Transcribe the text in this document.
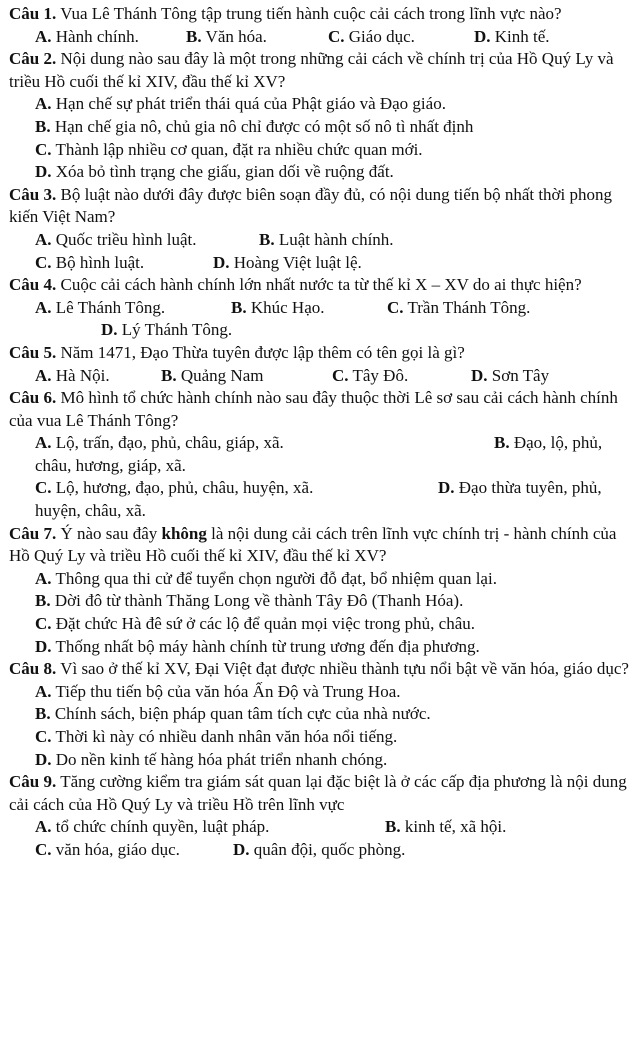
Câu 1. Vua Lê Thánh Tông tập trung tiến hành cuộc cải cách trong lĩnh vực nào?

A. Hành chính.	B. Văn hóa.	C. Giáo dục.	D. Kinh tế.

Câu 2. Nội dung nào sau đây là một trong những cải cách về chính trị của Hồ Quý Ly và triều Hồ cuối thế kỉ XIV, đầu thế kỉ XV?

A. Hạn chế sự phát triển thái quá của Phật giáo và Đạo giáo.
B. Hạn chế gia nô, chủ gia nô chỉ được có một số nô tì nhất định
C. Thành lập nhiều cơ quan, đặt ra nhiều chức quan mới.
D. Xóa bỏ tình trạng che giấu, gian dối về ruộng đất.

Câu 3. Bộ luật nào dưới đây được biên soạn đầy đủ, có nội dung tiến bộ nhất thời phong kiến Việt Nam?

A. Quốc triều hình luật.	B. Luật hành chính.
C. Bộ hình luật.	D. Hoàng Việt luật lệ.

Câu 4. Cuộc cải cách hành chính lớn nhất nước ta từ thế kỉ X – XV do ai thực hiện?

A. Lê Thánh Tông.	B. Khúc Hạo.	C. Trần Thánh Tông.
D. Lý Thánh Tông.

Câu 5. Năm 1471, Đạo Thừa tuyên được lập thêm có tên gọi là gì?

A. Hà Nội.	B. Quảng Nam	C. Tây Đô.	D. Sơn Tây

Câu 6. Mô hình tổ chức hành chính nào sau đây thuộc thời Lê sơ sau cải cách hành chính của vua Lê Thánh Tông?

A. Lộ, trấn, đạo, phủ, châu, giáp, xã.	B. Đạo, lộ, phủ, châu, hương, giáp, xã.
C. Lộ, hương, đạo, phủ, châu, huyện, xã.	D. Đạo thừa tuyên, phủ, huyện, châu, xã.

Câu 7. Ý nào sau đây không là nội dung cải cách trên lĩnh vực chính trị - hành chính của Hồ Quý Ly và triều Hồ cuối thế kỉ XIV, đầu thế kỉ XV?

A. Thông qua thi cử để tuyển chọn người đỗ đạt, bổ nhiệm quan lại.
B. Dời đô từ thành Thăng Long về thành Tây Đô (Thanh Hóa).
C. Đặt chức Hà đê sứ ở các lộ để quản mọi việc trong phủ, châu.
D. Thống nhất bộ máy hành chính từ trung ương đến địa phương.

Câu 8. Vì sao ở thế kỉ XV, Đại Việt đạt được nhiều thành tựu nổi bật về văn hóa, giáo dục?

A. Tiếp thu tiến bộ của văn hóa Ấn Độ và Trung Hoa.
B. Chính sách, biện pháp quan tâm tích cực của nhà nước.
C. Thời kì này có nhiều danh nhân văn hóa nổi tiếng.
D. Do nền kinh tế hàng hóa phát triển nhanh chóng.

Câu 9. Tăng cường kiểm tra giám sát quan lại đặc biệt là ở các cấp địa phương là nội dung cải cách của Hồ Quý Ly và triều Hồ trên lĩnh vực

A. tổ chức chính quyền, luật pháp.	B. kinh tế, xã hội.
C. văn hóa, giáo dục.	D. quân đội, quốc phòng.
